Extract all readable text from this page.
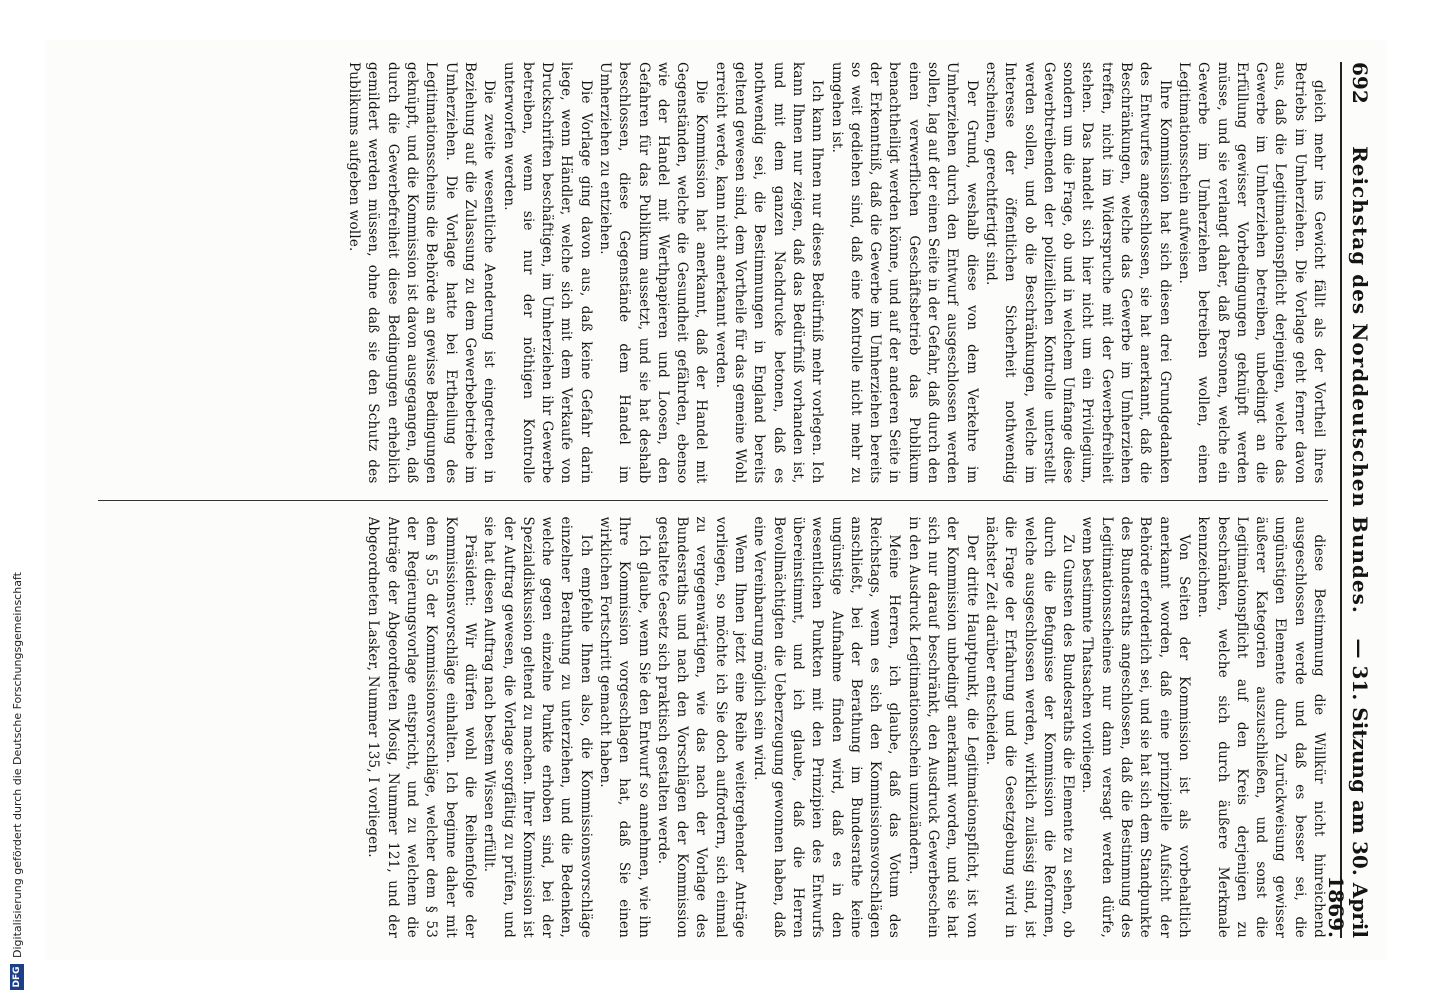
692
Reichstag des Norddeutschen Bundes.
— 31. Sitzung am 30. April 1869.

gleich mehr ins Gewicht fällt als der Vortheil ihres Betriebs im Umherziehen. Die Vorlage geht ferner davon aus, daß die Legitimationspflicht derjenigen, welche das Gewerbe im Umherziehen betreiben, unbedingt an die Erfüllung gewisser Vorbedingungen geknüpft werden müsse, und sie verlangt daher, daß Personen, welche ein Gewerbe im Umherziehen betreiben wollen, einen Legitimationsschein aufweisen.

Ihre Kommission hat sich diesen drei Grundgedanken des Entwurfes angeschlossen, sie hat anerkannt, daß die Beschränkungen, welche das Gewerbe im Umherziehen treffen, nicht im Widerspruche mit der Gewerbefreiheit stehen. Das handelt sich hier nicht um ein Privilegium, sondern um die Frage, ob und in welchem Umfange diese Gewerbtreibenden der polizeilichen Kontrolle unterstellt werden sollen, und ob die Beschränkungen, welche im Interesse der öffentlichen Sicherheit nothwendig erscheinen, gerechtfertigt sind.

Der Grund, weshalb diese von dem Verkehre im Umherziehen durch den Entwurf ausgeschlossen werden sollen, lag auf der einen Seite in der Gefahr, daß durch den einen verwerflichen Geschäftsbetrieb das Publikum benachtheiligt werden könne, und auf der anderen Seite in der Erkenntniß, daß die Gewerbe im Umherziehen bereits so weit gediehen sind, daß eine Kontrolle nicht mehr zu umgehen ist.

Ich kann Ihnen nur dieses Bedürfniß mehr vorlegen. Ich kann Ihnen nur zeigen, daß das Bedürfniß vorhanden ist, und mit dem ganzen Nachdrucke betonen, daß es nothwendig sei, die Bestimmungen in England bereits geltend gewesen sind, dem Vortheile für das gemeine Wohl erreicht werde, kann nicht anerkannt werden.

Die Kommission hat anerkannt, daß der Handel mit Gegenständen, welche die Gesundheit gefährden, ebenso wie der Handel mit Werthpapieren und Loosen, den Gefahren für das Publikum aussetzt, und sie hat deshalb beschlossen, diese Gegenstände dem Handel im Umherziehen zu entziehen.

Die Vorlage ging davon aus, daß keine Gefahr darin liege, wenn Händler, welche sich mit dem Verkaufe von Druckschriften beschäftigen, im Umherziehen ihr Gewerbe betreiben, wenn sie nur der nöthigen Kontrolle unterworfen werden.

Die zweite wesentliche Aenderung ist eingetreten in Beziehung auf die Zulassung zu dem Gewerbebetriebe im Umherziehen. Die Vorlage hatte bei Ertheilung des Legitimationsscheins die Behörde an gewisse Bedingungen geknüpft, und die Kommission ist davon ausgegangen, daß durch die Gewerbefreiheit diese Bedingungen erheblich gemildert werden müssen, ohne daß sie den Schutz des Publikums aufgeben wolle.

diese Bestimmung die Willkür nicht hinreichend ausgeschlossen werde und daß es besser sei, die ungünstigen Elemente durch Zurückweisung gewisser äußerer Kategorien auszuschließen, und sonst die Legitimationspflicht auf den Kreis derjenigen zu beschränken, welche sich durch äußere Merkmale kennzeichnen.

Von Seiten der Kommission ist als vorbehaltlich anerkannt worden, daß eine prinzipielle Aufsicht der Behörde erforderlich sei, und sie hat sich dem Standpunkte des Bundesraths angeschlossen, daß die Bestimmung des Legitimationsscheines nur dann versagt werden dürfe, wenn bestimmte Thatsachen vorliegen.

Zu Gunsten des Bundesraths die Elemente zu sehen, ob durch die Befugnisse der Kommission die Reformen, welche ausgeschlossen werden, wirklich zulässig sind, ist die Frage der Erfahrung und die Gesetzgebung wird in nächster Zeit darüber entscheiden.

Der dritte Hauptpunkt, die Legitimationspflicht, ist von der Kommission unbedingt anerkannt worden, und sie hat sich nur darauf beschränkt, den Ausdruck Gewerbeschein in den Ausdruck Legitimationsschein umzuändern.

Meine Herren, ich glaube, daß das Votum des Reichstags, wenn es sich den Kommissionsvorschlägen anschließt, bei der Berathung im Bundesrathe keine ungünstige Aufnahme finden wird, daß es in den wesentlichen Punkten mit den Prinzipien des Entwurfs übereinstimmt, und ich glaube, daß die Herren Bevollmächtigten die Ueberzeugung gewonnen haben, daß eine Vereinbarung möglich sein wird.

Wenn Ihnen jetzt eine Reihe weitergehender Anträge vorliegen, so möchte ich Sie doch auffordern, sich einmal zu vergegenwärtigen, wie das nach der Vorlage des Bundesraths und nach den Vorschlägen der Kommission gestaltete Gesetz sich praktisch gestalten werde.

Ich glaube, wenn Sie den Entwurf so annehmen, wie ihn Ihre Kommission vorgeschlagen hat, daß Sie einen wirklichen Fortschritt gemacht haben.

Ich empfehle Ihnen also, die Kommissionsvorschläge einzelner Berathung zu unterziehen, und die Bedenken, welche gegen einzelne Punkte erhoben sind, bei der Spezialdiskussion geltend zu machen. Ihrer Kommission ist der Auftrag gewesen, die Vorlage sorgfältig zu prüfen, und sie hat diesen Auftrag nach bestem Wissen erfüllt.

Präsident: Wir dürfen wohl die Reihenfolge der Kommissionsvorschläge einhalten. Ich beginne daher mit dem § 55 der Kommissionsvorschläge, welcher dem § 53 der Regierungsvorlage entspricht, und zu welchem die Anträge der Abgeordneten Mosig, Nummer 121, und der Abgeordneten Lasker, Nummer 135, I vorliegen.

DFG
Digitalisierung gefördert durch die Deutsche Forschungsgemeinschaft
